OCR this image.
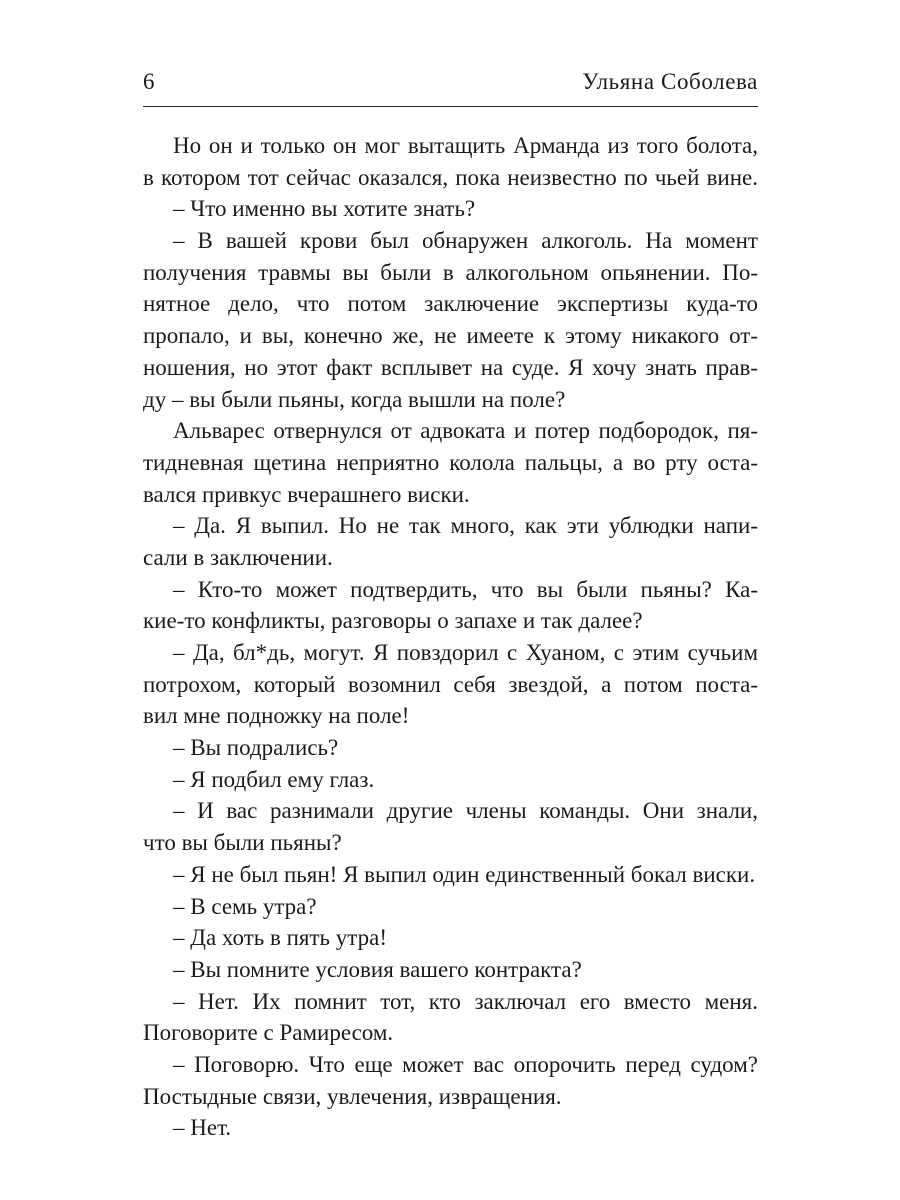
6	Ульяна Соболева
Но он и только он мог вытащить Арманда из того болота,
в котором тот сейчас оказался, пока неизвестно по чьей вине.
– Что именно вы хотите знать?
– В вашей крови был обнаружен алкоголь. На момент
получения травмы вы были в алкогольном опьянении. По-
нятное дело, что потом заключение экспертизы куда-то
пропало, и вы, конечно же, не имеете к этому никакого от-
ношения, но этот факт всплывет на суде. Я хочу знать прав-
ду – вы были пьяны, когда вышли на поле?
Альварес отвернулся от адвоката и потер подбородок, пя-
тидневная щетина неприятно колола пальцы, а во рту оста-
вался привкус вчерашнего виски.
– Да. Я выпил. Но не так много, как эти ублюдки напи-
сали в заключении.
– Кто-то может подтвердить, что вы были пьяны? Ка-
кие-то конфликты, разговоры о запахе и так далее?
– Да, бл*дь, могут. Я повздорил с Хуаном, с этим сучьим
потрохом, который возомнил себя звездой, а потом поста-
вил мне подножку на поле!
– Вы подрались?
– Я подбил ему глаз.
– И вас разнимали другие члены команды. Они знали,
что вы были пьяны?
– Я не был пьян! Я выпил один единственный бокал виски.
– В семь утра?
– Да хоть в пять утра!
– Вы помните условия вашего контракта?
– Нет. Их помнит тот, кто заключал его вместо меня.
Поговорите с Рамиресом.
– Поговорю. Что еще может вас опорочить перед судом?
Постыдные связи, увлечения, извращения.
– Нет.
